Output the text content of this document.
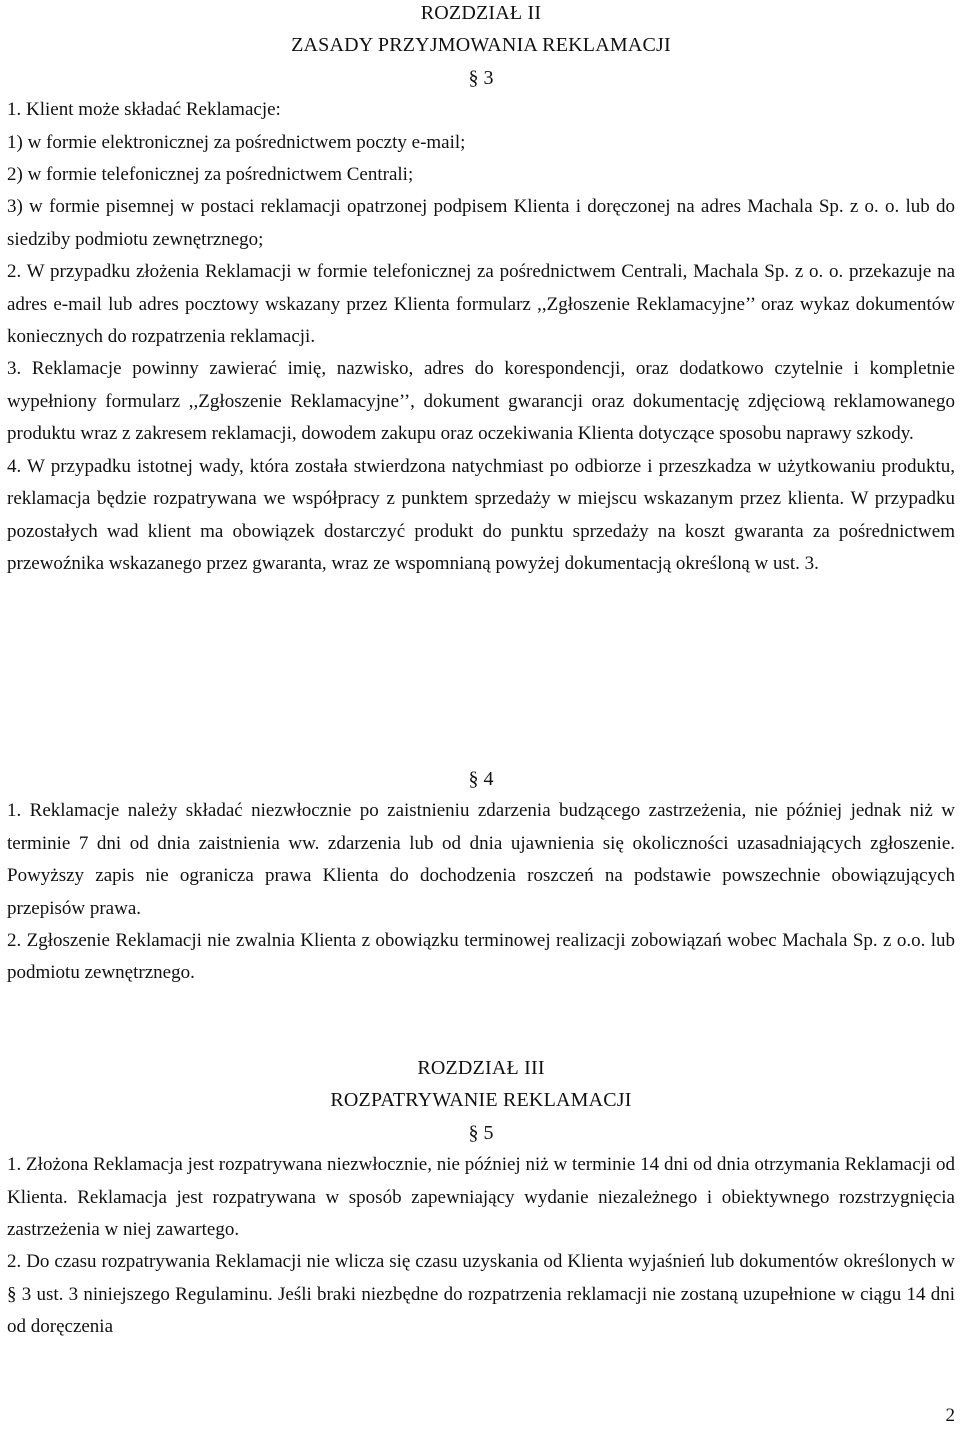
ROZDZIAŁ II

ZASADY PRZYJMOWANIA REKLAMACJI

§ 3

1. Klient może składać Reklamacje:

1) w formie elektronicznej za pośrednictwem poczty e-mail;

2) w formie telefonicznej za pośrednictwem Centrali;

3) w formie pisemnej w postaci reklamacji opatrzonej podpisem Klienta i doręczonej na adres Machala Sp. z o. o. lub do siedziby podmiotu zewnętrznego;

2. W przypadku złożenia Reklamacji w formie telefonicznej za pośrednictwem Centrali, Machala Sp. z o. o. przekazuje na adres e-mail lub adres pocztowy wskazany przez Klienta formularz ,,Zgłoszenie Reklamacyjne’’ oraz wykaz dokumentów koniecznych do rozpatrzenia reklamacji.

3. Reklamacje powinny zawierać imię, nazwisko, adres do korespondencji, oraz dodatkowo czytelnie i kompletnie wypełniony formularz ,,Zgłoszenie Reklamacyjne’’, dokument gwarancji oraz dokumentację zdjęciową reklamowanego produktu wraz z zakresem reklamacji, dowodem zakupu oraz oczekiwania Klienta dotyczące sposobu naprawy szkody.

4. W przypadku istotnej wady, która została stwierdzona natychmiast po odbiorze i przeszkadza w użytkowaniu produktu, reklamacja będzie rozpatrywana we współpracy z punktem sprzedaży w miejscu wskazanym przez klienta. W przypadku pozostałych wad klient ma obowiązek dostarczyć produkt do punktu sprzedaży na koszt gwaranta za pośrednictwem przewoźnika wskazanego przez gwaranta, wraz ze wspomnianą powyżej dokumentacją określoną w ust. 3.

§ 4

1. Reklamacje należy składać niezwłocznie po zaistnieniu zdarzenia budzącego zastrzeżenia, nie później jednak niż w terminie 7 dni od dnia zaistnienia ww. zdarzenia lub od dnia ujawnienia się okoliczności uzasadniających zgłoszenie. Powyższy zapis nie ogranicza prawa Klienta do dochodzenia roszczeń na podstawie powszechnie obowiązujących przepisów prawa.

2. Zgłoszenie Reklamacji nie zwalnia Klienta z obowiązku terminowej realizacji zobowiązań wobec Machala Sp. z o.o. lub podmiotu zewnętrznego.

ROZDZIAŁ III

ROZPATRYWANIE REKLAMACJI

§ 5

1. Złożona Reklamacja jest rozpatrywana niezwłocznie, nie później niż w terminie 14 dni od dnia otrzymania Reklamacji od Klienta. Reklamacja jest rozpatrywana w sposób zapewniający wydanie niezależnego i obiektywnego rozstrzygnięcia zastrzeżenia w niej zawartego.

2. Do czasu rozpatrywania Reklamacji nie wlicza się czasu uzyskania od Klienta wyjaśnień lub dokumentów określonych w § 3 ust. 3 niniejszego Regulaminu. Jeśli braki niezbędne do rozpatrzenia reklamacji nie zostaną uzupełnione w ciągu 14 dni od doręczenia

2
